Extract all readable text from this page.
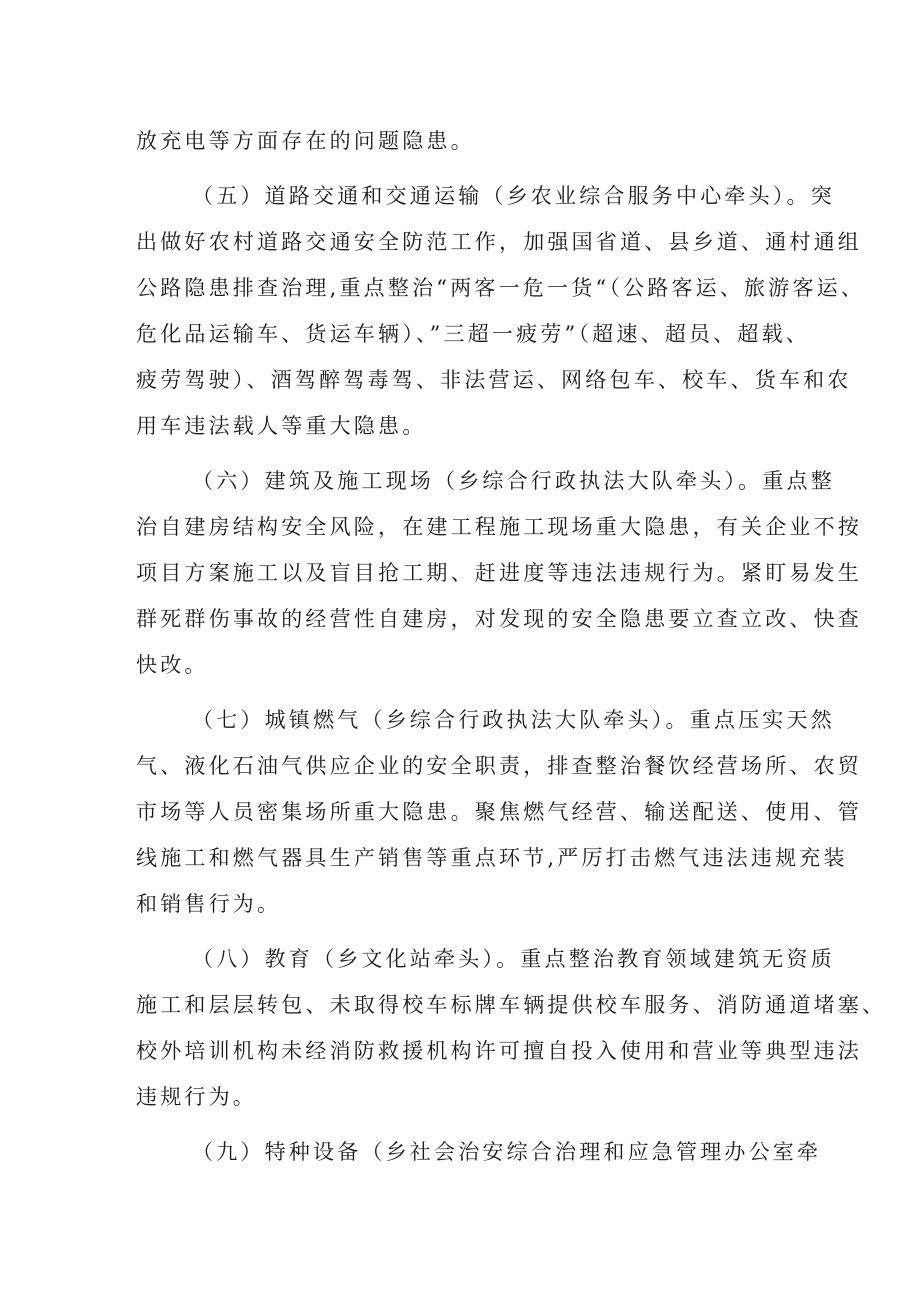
放充电等方面存在的问题隐患。

（五）道路交通和交通运输（乡农业综合服务中心牵头）。突
出做好农村道路交通安全防范工作，加强国省道、县乡道、通村通组
公路隐患排查治理,重点整治“两客一危一货“（公路客运、旅游客运、
危化品运输车、货运车辆）、”三超一疲劳”（超速、超员、超载、
疲劳驾驶）、酒驾醉驾毒驾、非法营运、网络包车、校车、货车和农
用车违法载人等重大隐患。

（六）建筑及施工现场（乡综合行政执法大队牵头）。重点整
治自建房结构安全风险，在建工程施工现场重大隐患，有关企业不按
项目方案施工以及盲目抢工期、赶进度等违法违规行为。紧盯易发生
群死群伤事故的经营性自建房，对发现的安全隐患要立查立改、快查
快改。

（七）城镇燃气（乡综合行政执法大队牵头）。重点压实天然
气、液化石油气供应企业的安全职责，排查整治餐饮经营场所、农贸
市场等人员密集场所重大隐患。聚焦燃气经营、输送配送、使用、管
线施工和燃气器具生产销售等重点环节,严厉打击燃气违法违规充装
和销售行为。

（八）教育（乡文化站牵头）。重点整治教育领域建筑无资质
施工和层层转包、未取得校车标牌车辆提供校车服务、消防通道堵塞、
校外培训机构未经消防救援机构许可擅自投入使用和营业等典型违法
违规行为。

（九）特种设备（乡社会治安综合治理和应急管理办公室牵
